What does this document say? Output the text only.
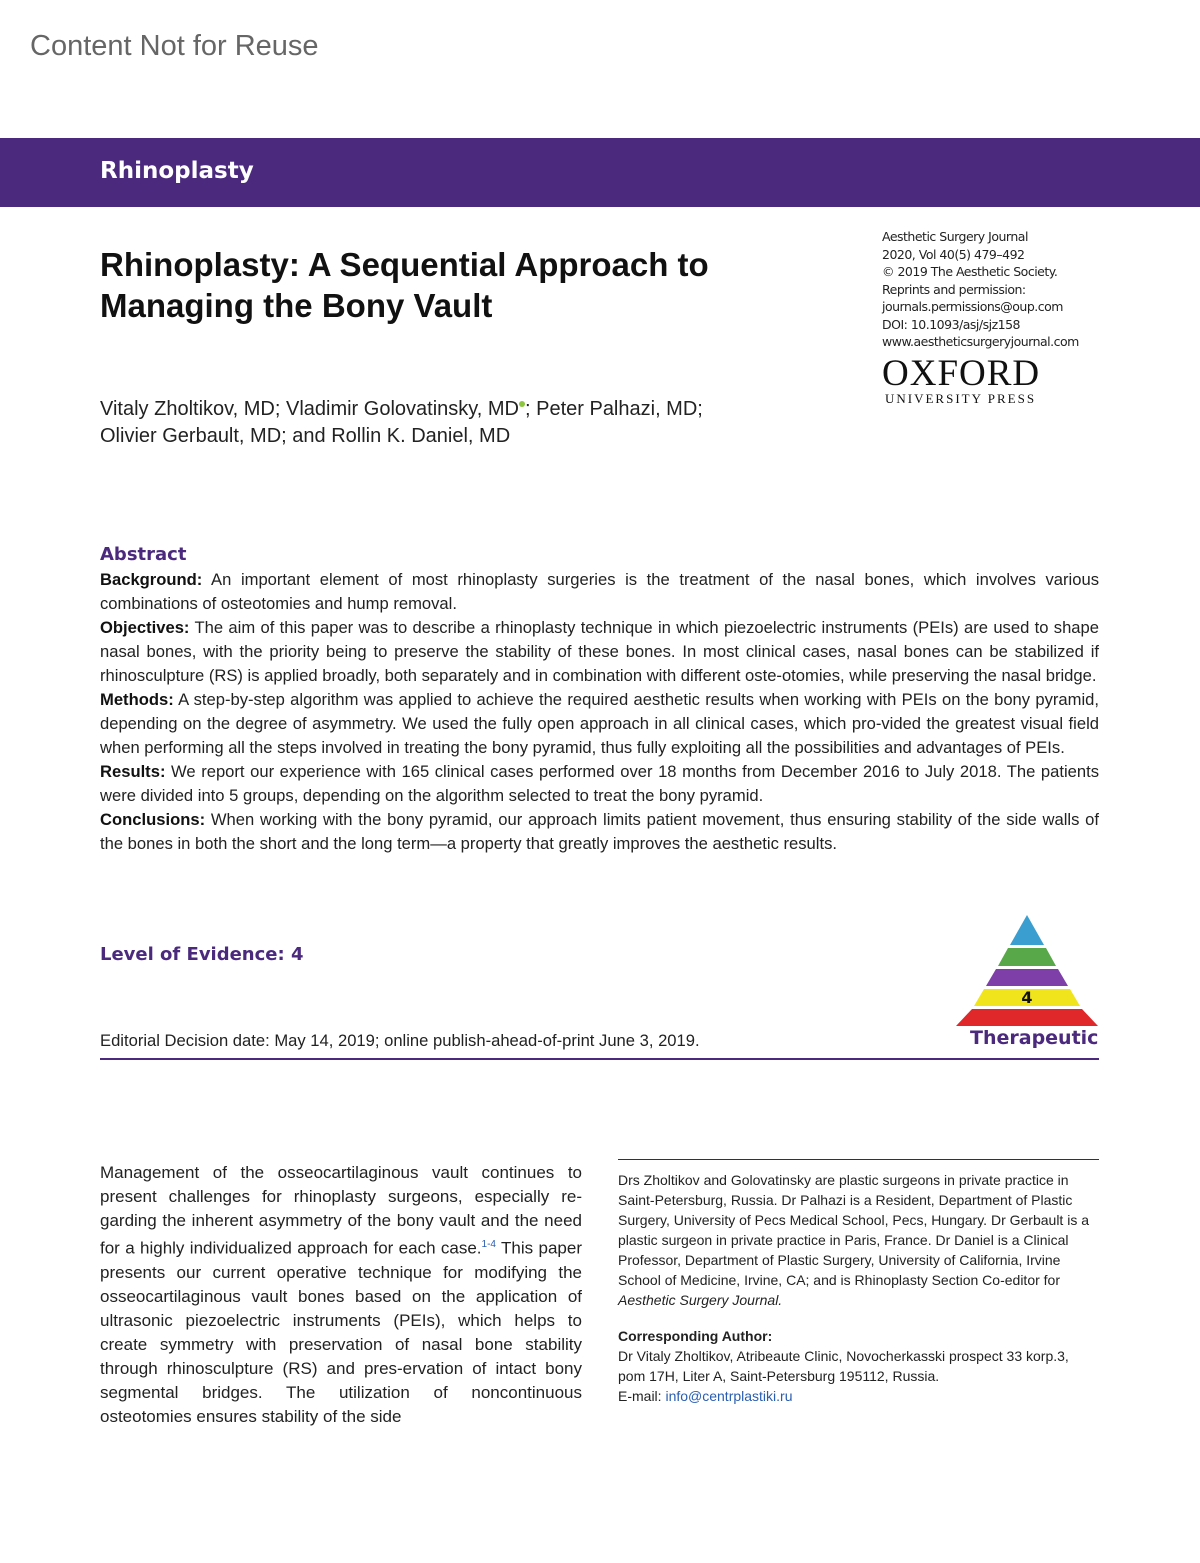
Content Not for Reuse
Rhinoplasty
Rhinoplasty: A Sequential Approach to
Managing the Bony Vault
Aesthetic Surgery Journal
2020, Vol 40(5) 479–492
© 2019 The Aesthetic Society.
Reprints and permission:
journals.permissions@oup.com
DOI: 10.1093/asj/sjz158
www.aestheticsurgeryjournal.com
OXFORD
UNIVERSITY PRESS
Vitaly Zholtikov, MD; Vladimir Golovatinsky, MD ; Peter Palhazi, MD;
Olivier Gerbault, MD; and Rollin K. Daniel, MD
Abstract

Background: An important element of most rhinoplasty surgeries is the treatment of the nasal bones, which involves various combinations of osteotomies and hump removal.

Objectives: The aim of this paper was to describe a rhinoplasty technique in which piezoelectric instruments (PEIs) are used to shape nasal bones, with the priority being to preserve the stability of these bones. In most clinical cases, nasal bones can be stabilized if rhinosculpture (RS) is applied broadly, both separately and in combination with different oste-otomies, while preserving the nasal bridge.

Methods: A step-by-step algorithm was applied to achieve the required aesthetic results when working with PEIs on the bony pyramid, depending on the degree of asymmetry. We used the fully open approach in all clinical cases, which pro-vided the greatest visual field when performing all the steps involved in treating the bony pyramid, thus fully exploiting all the possibilities and advantages of PEIs.

Results: We report our experience with 165 clinical cases performed over 18 months from December 2016 to July 2018. The patients were divided into 5 groups, depending on the algorithm selected to treat the bony pyramid.

Conclusions: When working with the bony pyramid, our approach limits patient movement, thus ensuring stability of the side walls of the bones in both the short and the long term—a property that greatly improves the aesthetic results.

Level of Evidence: 4
4
Therapeutic
Editorial Decision date: May 14, 2019; online publish-ahead-of-print June 3, 2019.
Management of the osseocartilaginous vault continues to present challenges for rhinoplasty surgeons, especially re-garding the inherent asymmetry of the bony vault and the need for a highly individualized approach for each case.$^{1-4}$ This paper presents our current operative technique for modifying the osseocartilaginous vault bones based on the application of ultrasonic piezoelectric instruments (PEIs), which helps to create symmetry with preservation of nasal bone stability through rhinosculpture (RS) and pres-ervation of intact bony segmental bridges. The utilization of noncontinuous osteotomies ensures stability of the side

Drs Zholtikov and Golovatinsky are plastic surgeons in private practice in Saint-Petersburg, Russia. Dr Palhazi is a Resident, Department of Plastic Surgery, University of Pecs Medical School, Pecs, Hungary. Dr Gerbault is a plastic surgeon in private practice in Paris, France. Dr Daniel is a Clinical Professor, Department of Plastic Surgery, University of California, Irvine School of Medicine, Irvine, CA; and is Rhinoplasty Section Co-editor for Aesthetic Surgery Journal.

Corresponding Author:

Dr Vitaly Zholtikov, Atribeaute Clinic, Novocherkasski prospect 33 korp.3, pom 17H, Liter A, Saint-Petersburg 195112, Russia.

E-mail: info@centrplastiki.ru
